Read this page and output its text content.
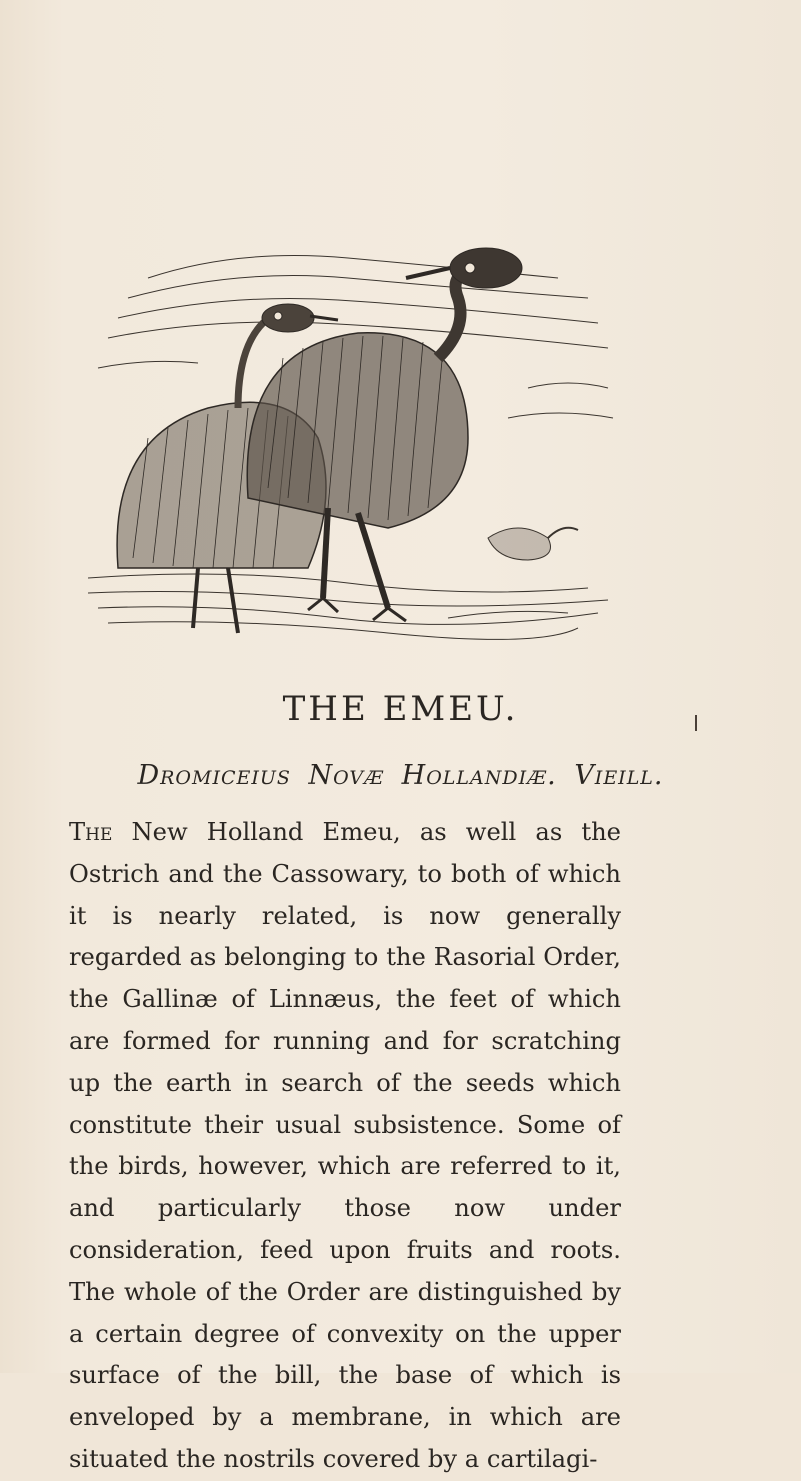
THE EMEU.
Dromiceius Novæ Hollandiæ. Vieill.

The New Holland Emeu, as well as the Ostrich and the Cassowary, to both of which it is nearly related, is now generally regarded as belonging to the Rasorial Order, the Gallinæ of Linnæus, the feet of which are formed for running and for scratching up the earth in search of the seeds which constitute their usual subsistence. Some of the birds, however, which are referred to it, and particularly those now under consideration, feed upon fruits and roots. The whole of the Order are distinguished by a certain degree of convexity on the upper surface of the bill, the base of which is enveloped by a membrane, in which are situated the nostrils covered by a cartilagi-
